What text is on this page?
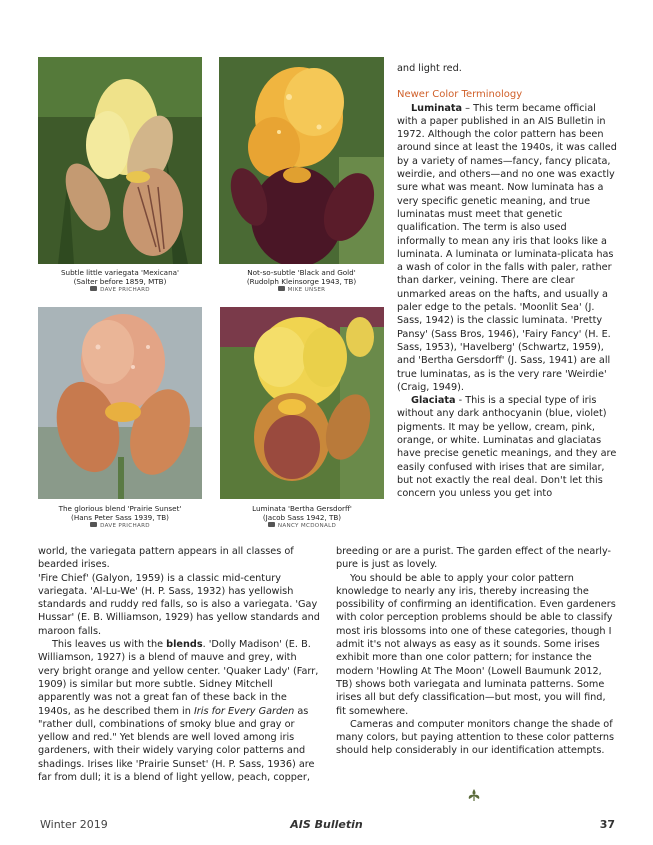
Subtle little variegata 'Mexicana'
(Salter before 1859, MTB)
DAVE PRICHARD
Not-so-subtle 'Black and Gold'
(Rudolph Kleinsorge 1943, TB)
MIKE UNSER
The glorious blend 'Prairie Sunset'
(Hans Peter Sass 1939, TB)
DAVE PRICHARD
Luminata 'Bertha Gersdorff'
(Jacob Sass 1942, TB)
NANCY MCDONALD

and light red.

Newer Color Terminology

Luminata – This term became official with a paper published in an AIS Bulletin in 1972. Although the color pattern has been around since at least the 1940s, it was called by a variety of names—fancy, fancy plicata, weirdie, and others—and no one was exactly sure what was meant. Now luminata has a very specific genetic meaning, and true luminatas must meet that genetic qualification. The term is also used informally to mean any iris that looks like a luminata. A luminata or luminata-plicata has a wash of color in the falls with paler, rather than darker, veining. There are clear unmarked areas on the hafts, and usually a paler edge to the petals. 'Moonlit Sea' (J. Sass, 1942) is the classic luminata. 'Pretty Pansy' (Sass Bros, 1946), 'Fairy Fancy' (H. E. Sass, 1953), 'Havelberg' (Schwartz, 1959), and 'Bertha Gersdorff' (J. Sass, 1941) are all true luminatas, as is the very rare 'Weirdie' (Craig, 1949).

Glaciata - This is a special type of iris without any dark anthocyanin (blue, violet) pigments. It may be yellow, cream, pink, orange, or white. Luminatas and glaciatas have precise genetic meanings, and they are easily confused with irises that are similar, but not exactly the real deal. Don't let this concern you unless you get into

world, the variegata pattern appears in all classes of bearded irises.

'Fire Chief' (Galyon, 1959) is a classic mid-century variegata. 'Al-Lu-We' (H. P. Sass, 1932) has yellowish standards and ruddy red falls, so is also a variegata. 'Gay Hussar' (E. B. Williamson, 1929) has yellow standards and maroon falls.

This leaves us with the blends. 'Dolly Madison' (E. B. Williamson, 1927) is a blend of mauve and grey, with very bright orange and yellow center. 'Quaker Lady' (Farr, 1909) is similar but more subtle. Sidney Mitchell apparently was not a great fan of these back in the 1940s, as he described them in Iris for Every Garden as "rather dull, combinations of smoky blue and gray or yellow and red." Yet blends are well loved among iris gardeners, with their widely varying color patterns and shadings. Irises like 'Prairie Sunset' (H. P. Sass, 1936) are far from dull; it is a blend of light yellow, peach, copper,

breeding or are a purist. The garden effect of the nearly-pure is just as lovely.

You should be able to apply your color pattern knowledge to nearly any iris, thereby increasing the possibility of confirming an identification. Even gardeners with color perception problems should be able to classify most iris blossoms into one of these categories, though I admit it's not always as easy as it sounds. Some irises exhibit more than one color pattern; for instance the modern 'Howling At The Moon' (Lowell Baumunk 2012, TB) shows both variegata and luminata patterns. Some irises all but defy classification—but most, you will find, fit somewhere.

Cameras and computer monitors change the shade of many colors, but paying attention to these color patterns should help considerably in our identification attempts.

Winter 2019	AIS Bulletin	37
